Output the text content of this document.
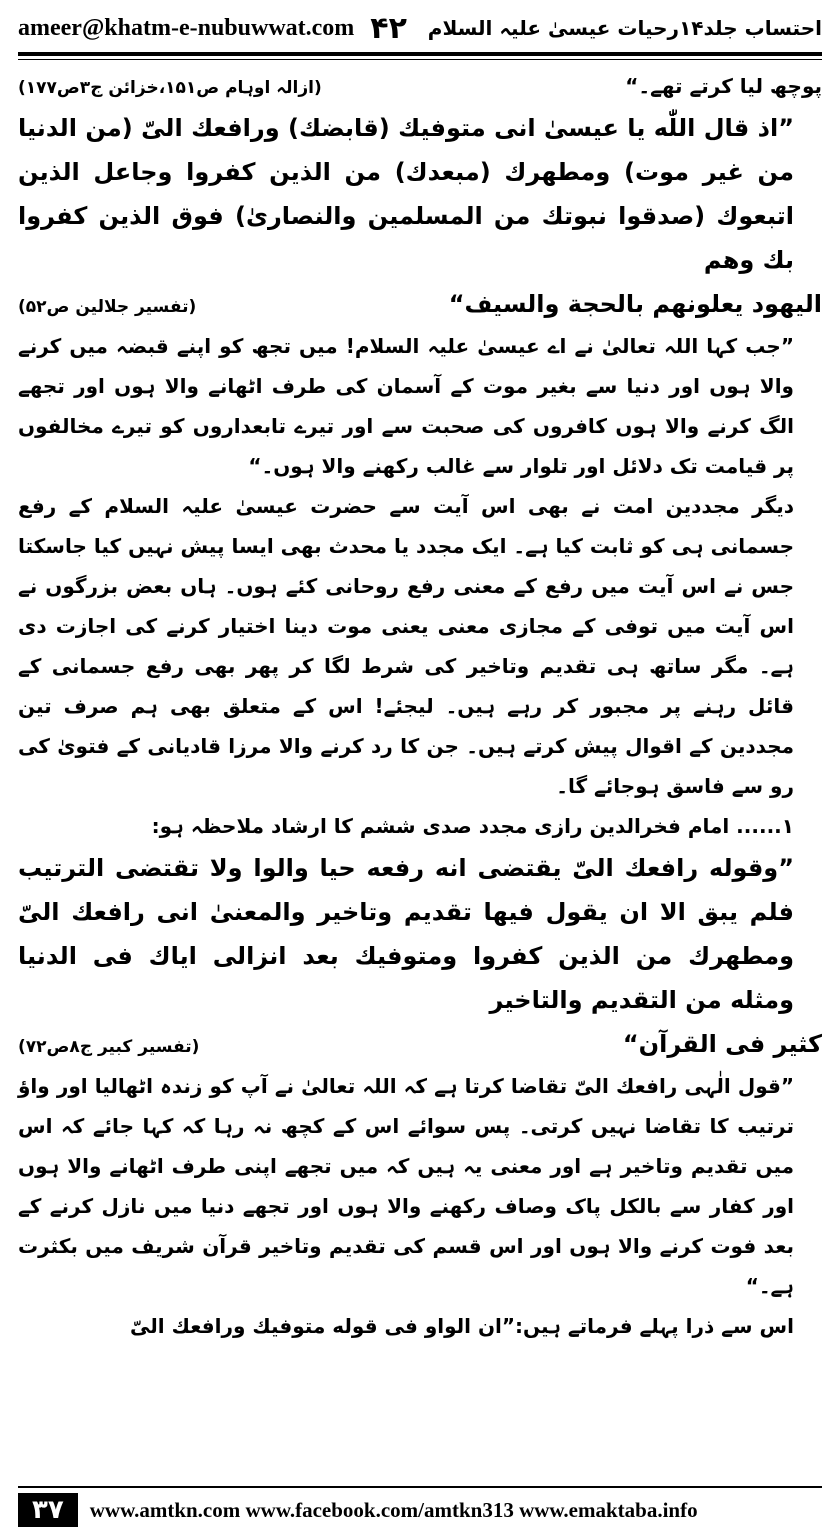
ameer@khatm-e-nubuwwat.com ۴۲ احتساب جلد۱۴رحیات عیسیٰ علیہ السلام
پوچھ لیا کرتے تھے۔“
(ازالہ اوہام ص۱۵۱،خزائن ج۳ص۱۷۷)

”اذ قال اللّٰه یا عیسیٰ انی متوفیك (قابضك) ورافعك الیّ (من الدنیا من غیر موت) ومطهرك (مبعدك) من الذین كفروا وجاعل الذین اتبعوك (صدقوا نبوتك من المسلمین والنصاریٰ) فوق الذین كفروا بك وهم

الیهود یعلونهم بالحجة والسیف“
(تفسیر جلالین ص۵۲)

”جب کہا اللہ تعالیٰ نے اے عیسیٰ علیہ السلام! میں تجھ کو اپنے قبضہ میں کرنے والا ہوں اور دنیا سے بغیر موت کے آسمان کی طرف اٹھانے والا ہوں اور تجھے الگ کرنے والا ہوں کافروں کی صحبت سے اور تیرے تابعداروں کو تیرے مخالفوں پر قیامت تک دلائل اور تلوار سے غالب رکھنے والا ہوں۔“

دیگر مجددین امت نے بھی اس آیت سے حضرت عیسیٰ علیہ السلام کے رفع جسمانی ہی کو ثابت کیا ہے۔ ایک مجدد یا محدث بھی ایسا پیش نہیں کیا جاسکتا جس نے اس آیت میں رفع کے معنی رفع روحانی کئے ہوں۔ ہاں بعض بزرگوں نے اس آیت میں توفی کے مجازی معنی یعنی موت دینا اختیار کرنے کی اجازت دی ہے۔ مگر ساتھ ہی تقدیم وتاخیر کی شرط لگا کر پھر بھی رفع جسمانی کے قائل رہنے پر مجبور کر رہے ہیں۔ لیجئے! اس کے متعلق بھی ہم صرف تین مجددین کے اقوال پیش کرتے ہیں۔ جن کا رد کرنے والا مرزا قادیانی کے فتویٰ کی رو سے فاسق ہوجائے گا۔

۱...... امام فخرالدین رازی مجدد صدی ششم کا ارشاد ملاحظہ ہو:

”وقوله رافعك الیّ یقتضی انه رفعه حیا والوا ولا تقتضی الترتیب فلم یبق الا ان یقول فیها تقدیم وتاخیر والمعنیٰ انی رافعك الیّ ومطهرك من الذین كفروا ومتوفیك بعد انزالی ایاك فی الدنیا ومثله من التقدیم والتاخیر

كثیر فی القرآن“
(تفسیر کبیر ج۸ص۷۲)

”قول الٰہی رافعك الیّ تقاضا کرتا ہے کہ اللہ تعالیٰ نے آپ کو زندہ اٹھالیا اور واؤ ترتیب کا تقاضا نہیں کرتی۔ پس سوائے اس کے کچھ نہ رہا کہ کہا جائے کہ اس میں تقدیم وتاخیر ہے اور معنی یہ ہیں کہ میں تجھے اپنی طرف اٹھانے والا ہوں اور کفار سے بالکل پاک وصاف رکھنے والا ہوں اور تجھے دنیا میں نازل کرنے کے بعد فوت کرنے والا ہوں اور اس قسم کی تقدیم وتاخیر قرآن شریف میں بکثرت ہے۔“

اس سے ذرا پہلے فرماتے ہیں:”ان الواو فی قوله متوفیك ورافعك الیّ

۳۷	www.amtkn.com www.facebook.com/amtkn313 www.emaktaba.info
